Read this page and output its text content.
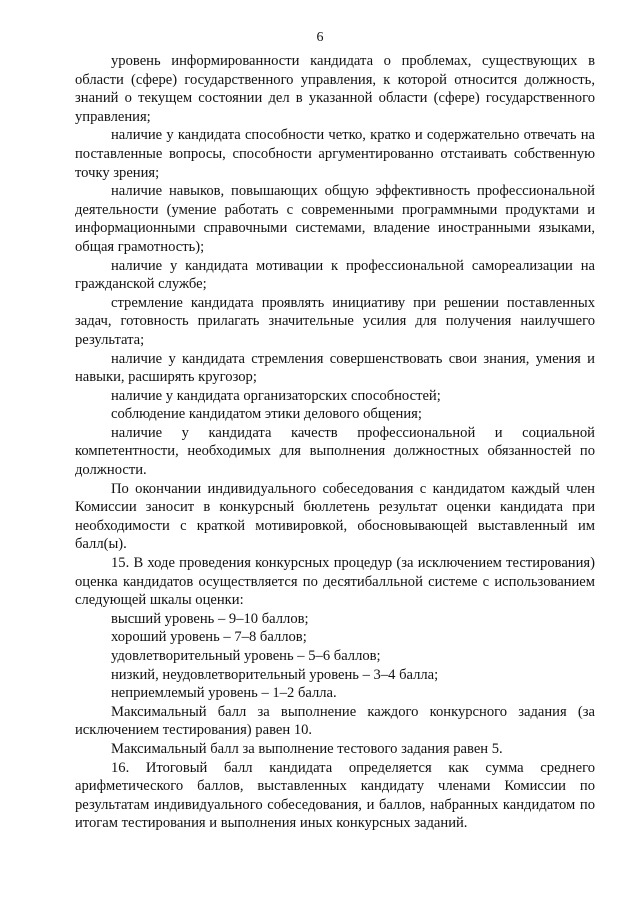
6

уровень информированности кандидата о проблемах, существующих в области (сфере) государственного управления, к которой относится должность, знаний о текущем состоянии дел в указанной области (сфере) государственного управления;

наличие у кандидата способности четко, кратко и содержательно отвечать на поставленные вопросы, способности аргументированно отстаивать собственную точку зрения;

наличие навыков, повышающих общую эффективность профессиональной деятельности (умение работать с современными программными продуктами и информационными справочными системами, владение иностранными языками, общая грамотность);

наличие у кандидата мотивации к профессиональной самореализации на гражданской службе;

стремление кандидата проявлять инициативу при решении поставленных задач, готовность прилагать значительные усилия для получения наилучшего результата;

наличие у кандидата стремления совершенствовать свои знания, умения и навыки, расширять кругозор;

наличие у кандидата организаторских способностей;

соблюдение кандидатом этики делового общения;

наличие у кандидата качеств профессиональной и социальной компетентности, необходимых для выполнения должностных обязанностей по должности.

По окончании индивидуального собеседования с кандидатом каждый член Комиссии заносит в конкурсный бюллетень результат оценки кандидата при необходимости с краткой мотивировкой, обосновывающей выставленный им балл(ы).

15. В ходе проведения конкурсных процедур (за исключением тестирования) оценка кандидатов осуществляется по десятибалльной системе с использованием следующей шкалы оценки:

высший уровень – 9–10 баллов;

хороший уровень – 7–8 баллов;

удовлетворительный уровень – 5–6 баллов;

низкий, неудовлетворительный уровень – 3–4 балла;

неприемлемый уровень – 1–2 балла.

Максимальный балл за выполнение каждого конкурсного задания (за исключением тестирования) равен 10.

Максимальный балл за выполнение тестового задания равен 5.

16. Итоговый балл кандидата определяется как сумма среднего арифметического баллов, выставленных кандидату членами Комиссии по результатам индивидуального собеседования, и баллов, набранных кандидатом по итогам тестирования и выполнения иных конкурсных заданий.
